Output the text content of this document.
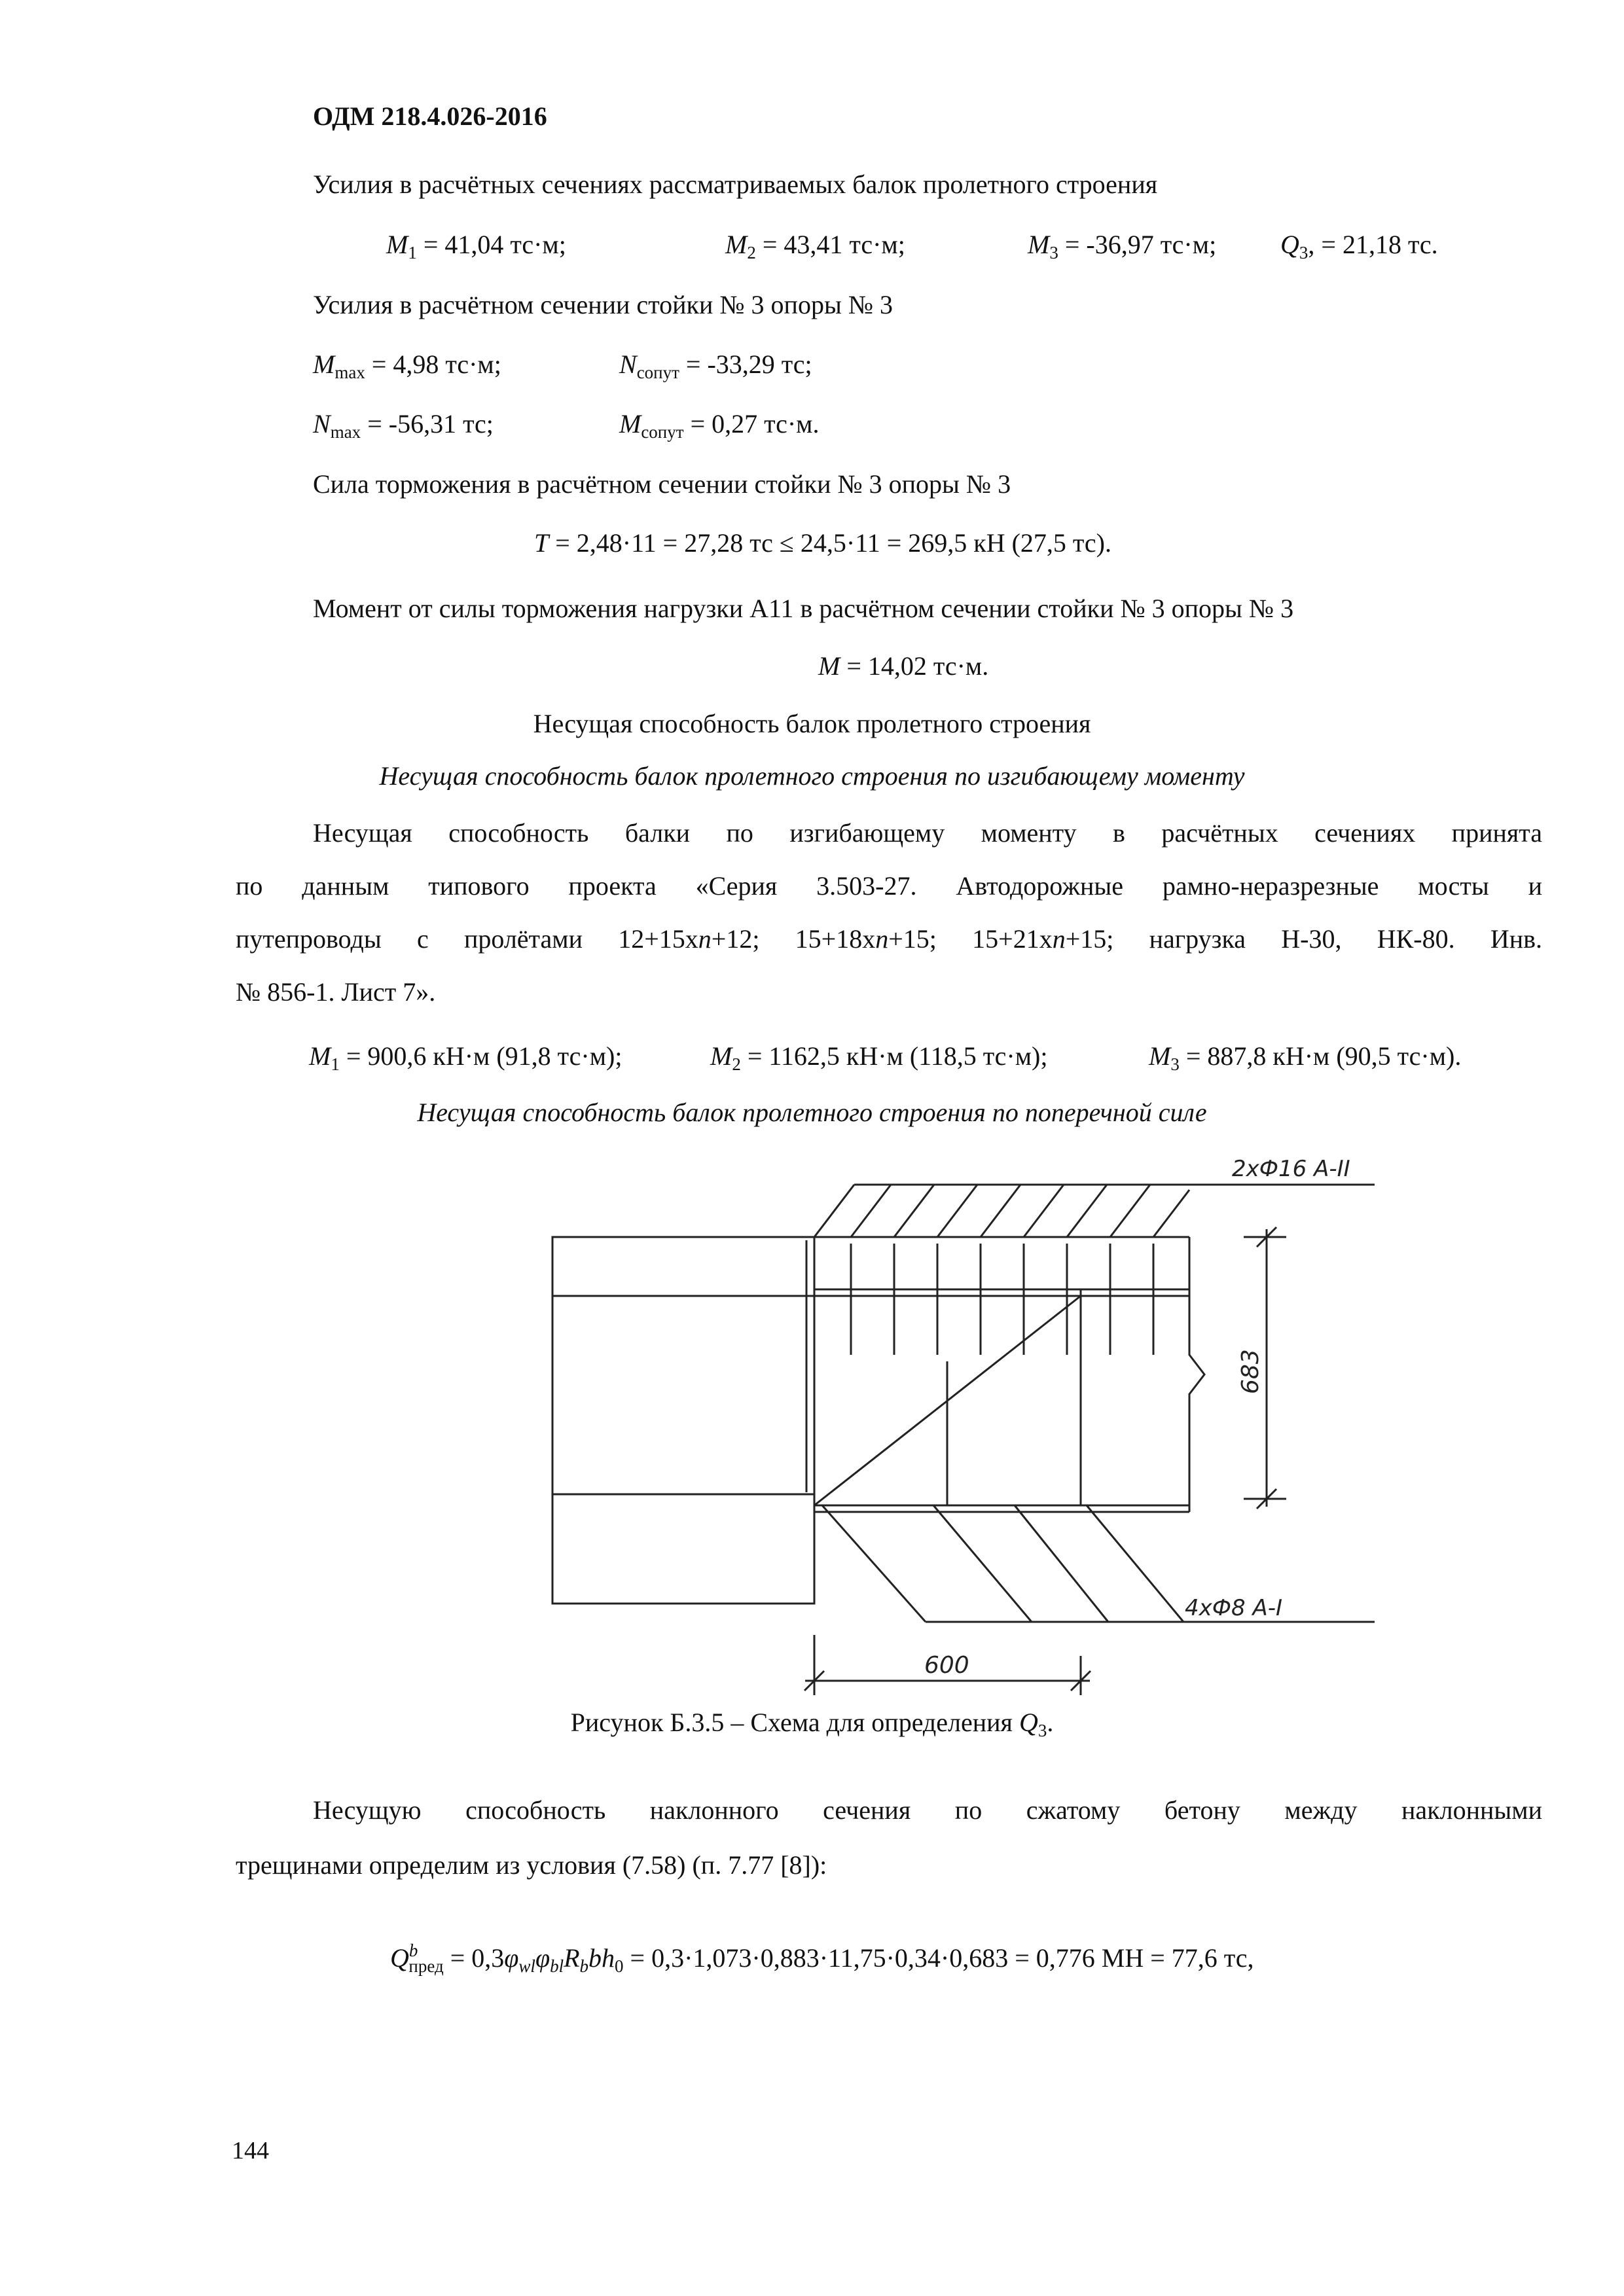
ОДМ 218.4.026-2016
Усилия в расчётных сечениях рассматриваемых балок пролетного строения
$M_1 = 41,04$ тс·м;	$M_2 = 43,41$ тс·м;	$M_3 = -36,97$ тс·м; $Q_3$, = 21,18 тс.
Усилия в расчётном сечении стойки № 3 опоры № 3
$M_{max} = 4,98$ тс·м;	$N_{сопут} = -33,29$ тс;
$N_{max} = -56,31$ тс;	$M_{сопут} = 0,27$ тс·м.
Сила торможения в расчётном сечении стойки № 3 опоры № 3
T = 2,48·11 = 27,28 тс ≤ 24,5·11 = 269,5 кН (27,5 тс).
Момент от силы торможения нагрузки А11 в расчётном сечении стойки № 3 опоры № 3
M = 14,02 тс·м.
Несущая способность балок пролетного строения
Несущая способность балок пролетного строения по изгибающему моменту
Несущая способность балки по изгибающему моменту в расчётных сечениях принята
по данным типового проекта «Серия 3.503-27. Автодорожные рамно-неразрезные мосты и
путепроводы с пролётами 12+15хn+12; 15+18хn+15; 15+21хn+15; нагрузка Н-30, НК-80. Инв.
№ 856-1. Лист 7».
$M_1 = 900,6$ кН·м (91,8 тс·м);	$M_2 = 1162,5$ кН·м (118,5 тс·м);	$M_3 = 887,8$ кН·м (90,5 тс·м).
Несущая способность балок пролетного строения по поперечной силе
2хФ16 А-II
4хФ8 А-I
683
600
Рисунок Б.3.5 – Схема для определения $Q_3$.
Несущую способность наклонного сечения по сжатому бетону между наклонными
трещинами определим из условия (7.58) (п. 7.77 [8]):
$Q^b_{пред} = 0,3\varphi_{wl}\varphi_{bl}R_bbh_0 = 0,3\cdot 1,073\cdot 0,883\cdot 11,75\cdot 0,34\cdot 0,683 = 0,776$ МН = 77,6 тс,
144
